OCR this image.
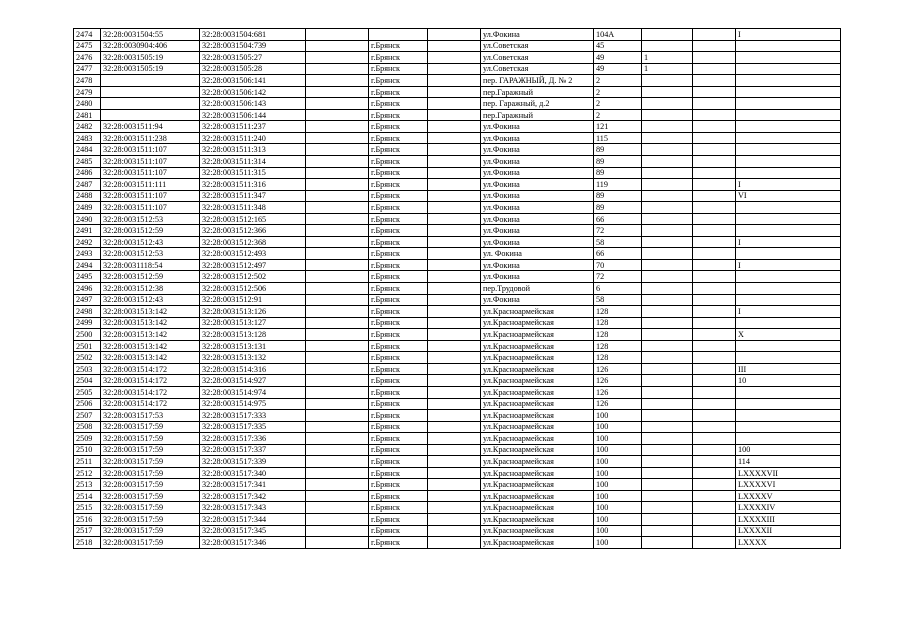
2474	32:28:0031504:55	32:28:0031504:681				ул.Фокина	104А			I
2475	32:28:0030904:406	32:28:0031504:739		г.Брянск		ул.Советская	45			
2476	32:28:0031505:19	32:28:0031505:27		г.Брянск		ул.Советская	49	1		
2477	32:28:0031505:19	32:28:0031505:28		г.Брянск		ул.Советская	49	1		
2478		32:28:0031506:141		г.Брянск		пер. ГАРАЖНЫЙ, Д. № 2	2			
2479		32:28:0031506:142		г.Брянск		пер.Гаражный	2			
2480		32:28:0031506:143		г.Брянск		пер. Гаражный, д.2	2			
2481		32:28:0031506:144		г.Брянск		пер.Гаражный	2			
2482	32:28:0031511:94	32:28:0031511:237		г.Брянск		ул.Фокина	121			
2483	32:28:0031511:238	32:28:0031511:240		г.Брянск		ул.Фокина	115			
2484	32:28:0031511:107	32:28:0031511:313		г.Брянск		ул.Фокина	89			
2485	32:28:0031511:107	32:28:0031511:314		г.Брянск		ул.Фокина	89			
2486	32:28:0031511:107	32:28:0031511:315		г.Брянск		ул.Фокина	89			
2487	32:28:0031511:111	32:28:0031511:316		г.Брянск		ул.Фокина	119			I
2488	32:28:0031511:107	32:28:0031511:347		г.Брянск		ул.Фокина	89			VI
2489	32:28:0031511:107	32:28:0031511:348		г.Брянск		ул.Фокина	89			
2490	32:28:0031512:53	32:28:0031512:165		г.Брянск		ул.Фокина	66			
2491	32:28:0031512:59	32:28:0031512:366		г.Брянск		ул.Фокина	72			
2492	32:28:0031512:43	32:28:0031512:368		г.Брянск		ул.Фокина	58			I
2493	32:28:0031512:53	32:28:0031512:493		г.Брянск		ул. Фокина	66			
2494	32:28:0031118:54	32:28:0031512:497		г.Брянск		ул.Фокина	70			I
2495	32:28:0031512:59	32:28:0031512:502		г.Брянск		ул.Фокина	72			
2496	32:28:0031512:38	32:28:0031512:506		г.Брянск		пер.Трудовой	6			
2497	32:28:0031512:43	32:28:0031512:91		г.Брянск		ул.Фокина	58			
2498	32:28:0031513:142	32:28:0031513:126		г.Брянск		ул.Красноармейская	128			I
2499	32:28:0031513:142	32:28:0031513:127		г.Брянск		ул.Красноармейская	128			
2500	32:28:0031513:142	32:28:0031513:128		г.Брянск		ул.Красноармейская	128			X
2501	32:28:0031513:142	32:28:0031513:131		г.Брянск		ул.Красноармейская	128			
2502	32:28:0031513:142	32:28:0031513:132		г.Брянск		ул.Красноармейская	128			
2503	32:28:0031514:172	32:28:0031514:316		г.Брянск		ул.Красноармейская	126			III
2504	32:28:0031514:172	32:28:0031514:927		г.Брянск		ул.Красноармейская	126			10
2505	32:28:0031514:172	32:28:0031514:974		г.Брянск		ул.Красноармейская	126			
2506	32:28:0031514:172	32:28:0031514:975		г.Брянск		ул.Красноармейская	126			
2507	32:28:0031517:53	32:28:0031517:333		г.Брянск		ул.Красноармейская	100			
2508	32:28:0031517:59	32:28:0031517:335		г.Брянск		ул.Красноармейская	100			
2509	32:28:0031517:59	32:28:0031517:336		г.Брянск		ул.Красноармейская	100			
2510	32:28:0031517:59	32:28:0031517:337		г.Брянск		ул.Красноармейская	100			100
2511	32:28:0031517:59	32:28:0031517:339		г.Брянск		ул.Красноармейская	100			114
2512	32:28:0031517:59	32:28:0031517:340		г.Брянск		ул.Красноармейская	100			LXXXXVII
2513	32:28:0031517:59	32:28:0031517:341		г.Брянск		ул.Красноармейская	100			LXXXXVI
2514	32:28:0031517:59	32:28:0031517:342		г.Брянск		ул.Красноармейская	100			LXXXXV
2515	32:28:0031517:59	32:28:0031517:343		г.Брянск		ул.Красноармейская	100			LXXXXIV
2516	32:28:0031517:59	32:28:0031517:344		г.Брянск		ул.Красноармейская	100			LXXXXIII
2517	32:28:0031517:59	32:28:0031517:345		г.Брянск		ул.Красноармейская	100			LXXXXII
2518	32:28:0031517:59	32:28:0031517:346		г.Брянск		ул.Красноармейская	100			LXXXX
